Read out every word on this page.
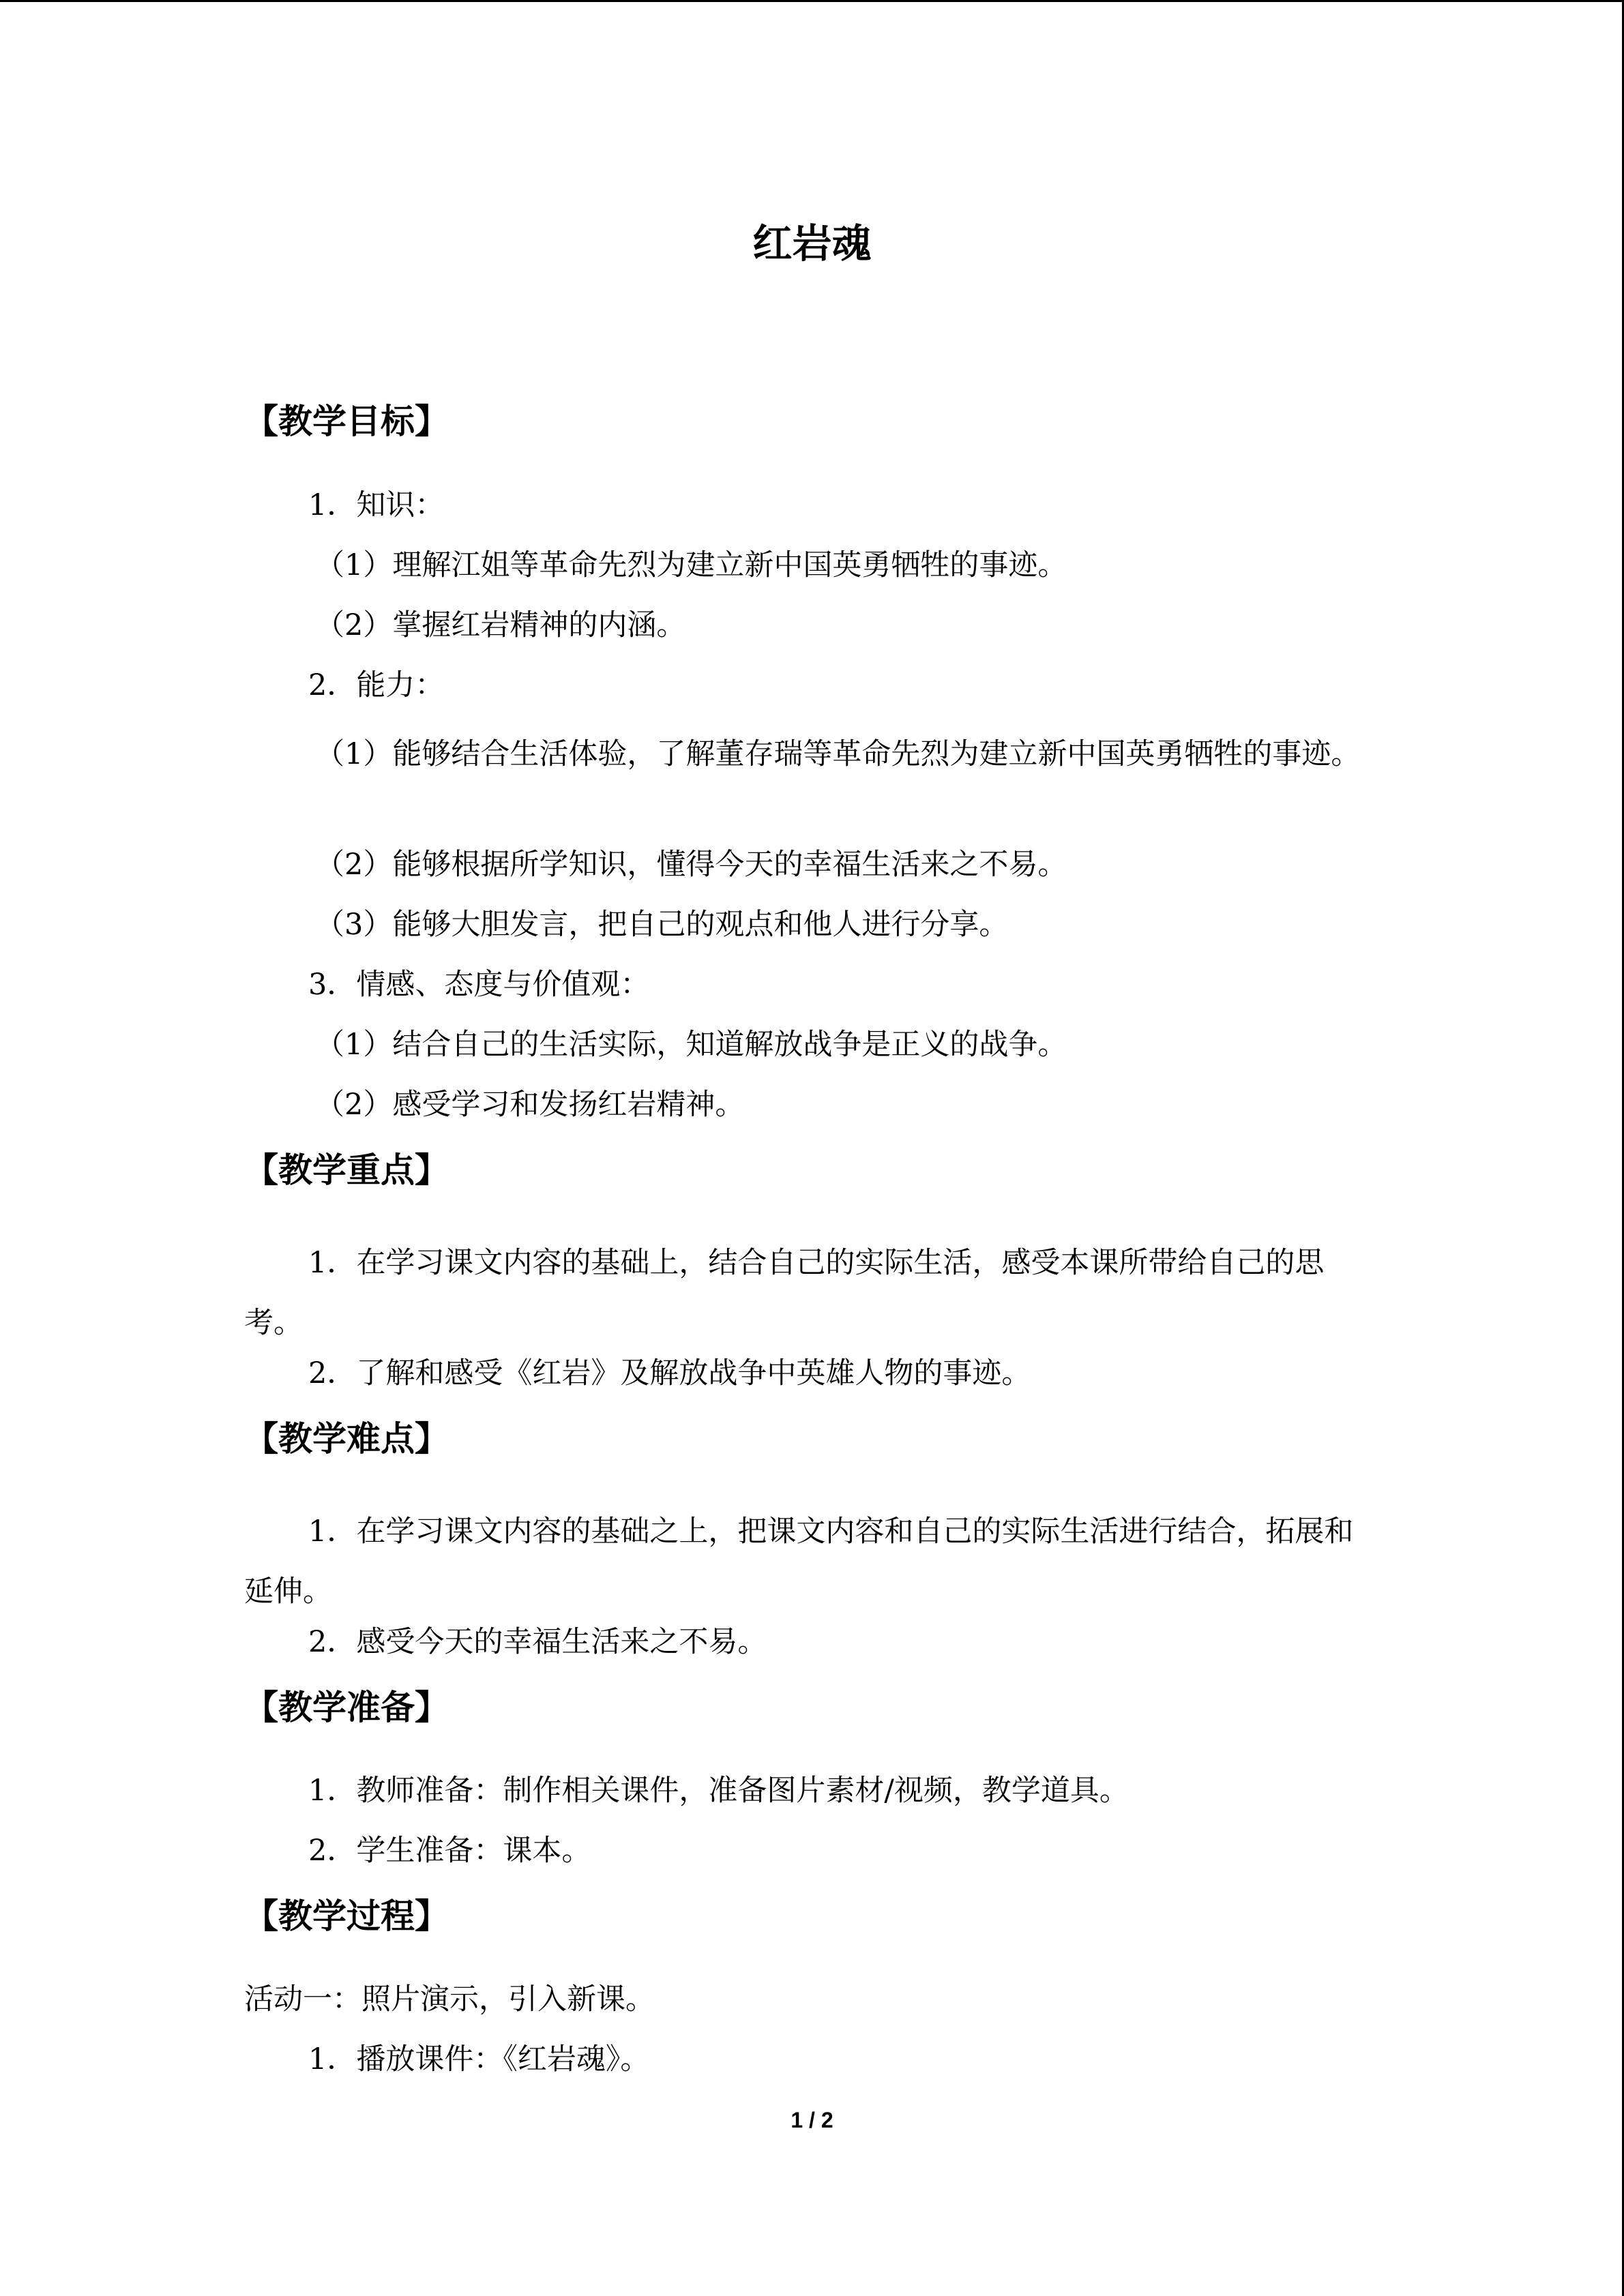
红岩魂
【教学目标】
1．知识：
（1）理解江姐等革命先烈为建立新中国英勇牺牲的事迹。
（2）掌握红岩精神的内涵。
2．能力：
（1）能够结合生活体验，了解董存瑞等革命先烈为建立新中国英勇牺牲的事迹。
（2）能够根据所学知识，懂得今天的幸福生活来之不易。
（3）能够大胆发言，把自己的观点和他人进行分享。
3．情感、态度与价值观：
（1）结合自己的生活实际，知道解放战争是正义的战争。
（2）感受学习和发扬红岩精神。
【教学重点】
1．在学习课文内容的基础上，结合自己的实际生活，感受本课所带给自己的思考。
2．了解和感受《红岩》及解放战争中英雄人物的事迹。
【教学难点】
1．在学习课文内容的基础之上，把课文内容和自己的实际生活进行结合，拓展和延伸。
2．感受今天的幸福生活来之不易。
【教学准备】
1．教师准备：制作相关课件，准备图片素材/视频，教学道具。
2．学生准备：课本。
【教学过程】
活动一：照片演示，引入新课。
1．播放课件：《红岩魂》。
1 / 2
